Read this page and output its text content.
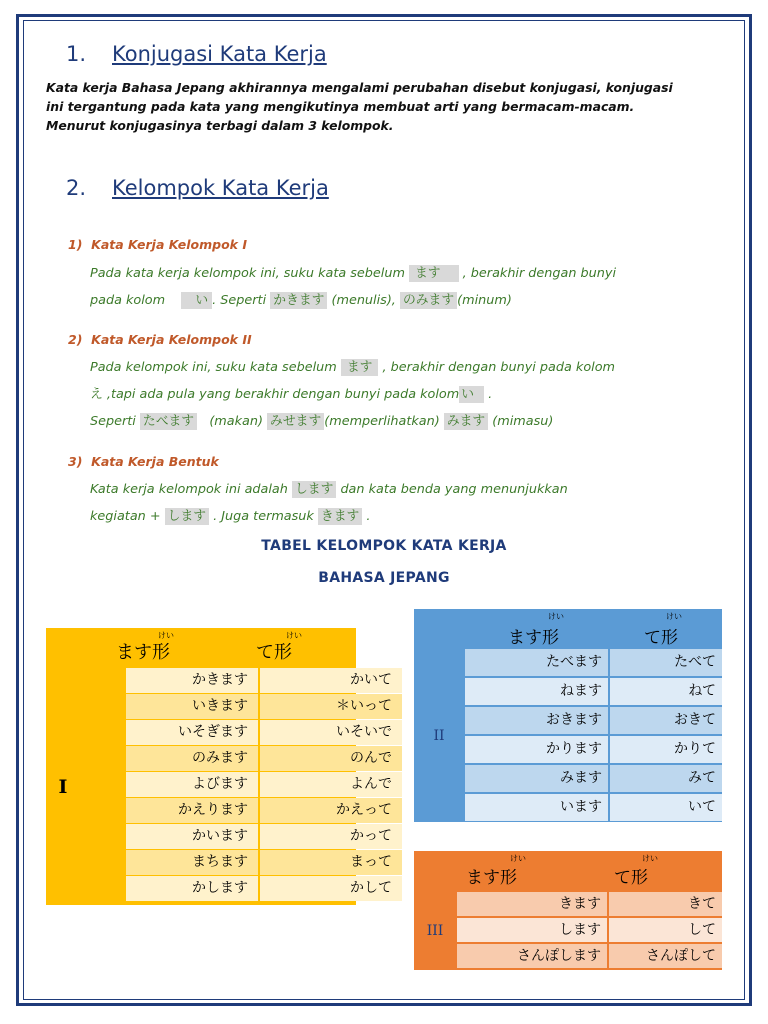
1. Konjugasi Kata Kerja
Kata kerja Bahasa Jepang akhirannya mengalami perubahan disebut konjugasi, konjugasi
ini tergantung pada kata yang mengikutinya membuat arti yang bermacam-macam.
Menurut konjugasinya terbagi dalam 3 kelompok.
2. Kelompok Kata Kerja
1) Kata Kerja Kelompok I
Pada kata kerja kelompok ini, suku kata sebelum ます , berakhir dengan bunyi
pada kolom い . Seperti かきます (menulis), のみます (minum)
2) Kata Kerja Kelompok II
Pada kelompok ini, suku kata sebelum ます , berakhir dengan bunyi pada kolom
え ,tapi ada pula yang berakhir dengan bunyi pada kolom い .
Seperti たべます (makan) みせます (memperlihatkan) みます (mimasu)
3) Kata Kerja Bentuk
Kata kerja kelompok ini adalah します dan kata benda yang menunjukkan
kegiatan + します . Juga termasuk きます .
TABEL KELOMPOK KATA KERJA
BAHASA JEPANG
けい	けい
ます形	て形
I
かきます	かいて
いきます	＊いって
いそぎます	いそいで
のみます	のんで
よびます	よんで
かえります	かえって
かいます	かって
まちます	まって
かします	かして
けい	けい
ます形	て形
II
たべます	たべて
ねます	ねて
おきます	おきて
かります	かりて
みます	みて
います	いて
けい	けい
ます形	て形
III
きます	きて
します	して
さんぽします	さんぽして
